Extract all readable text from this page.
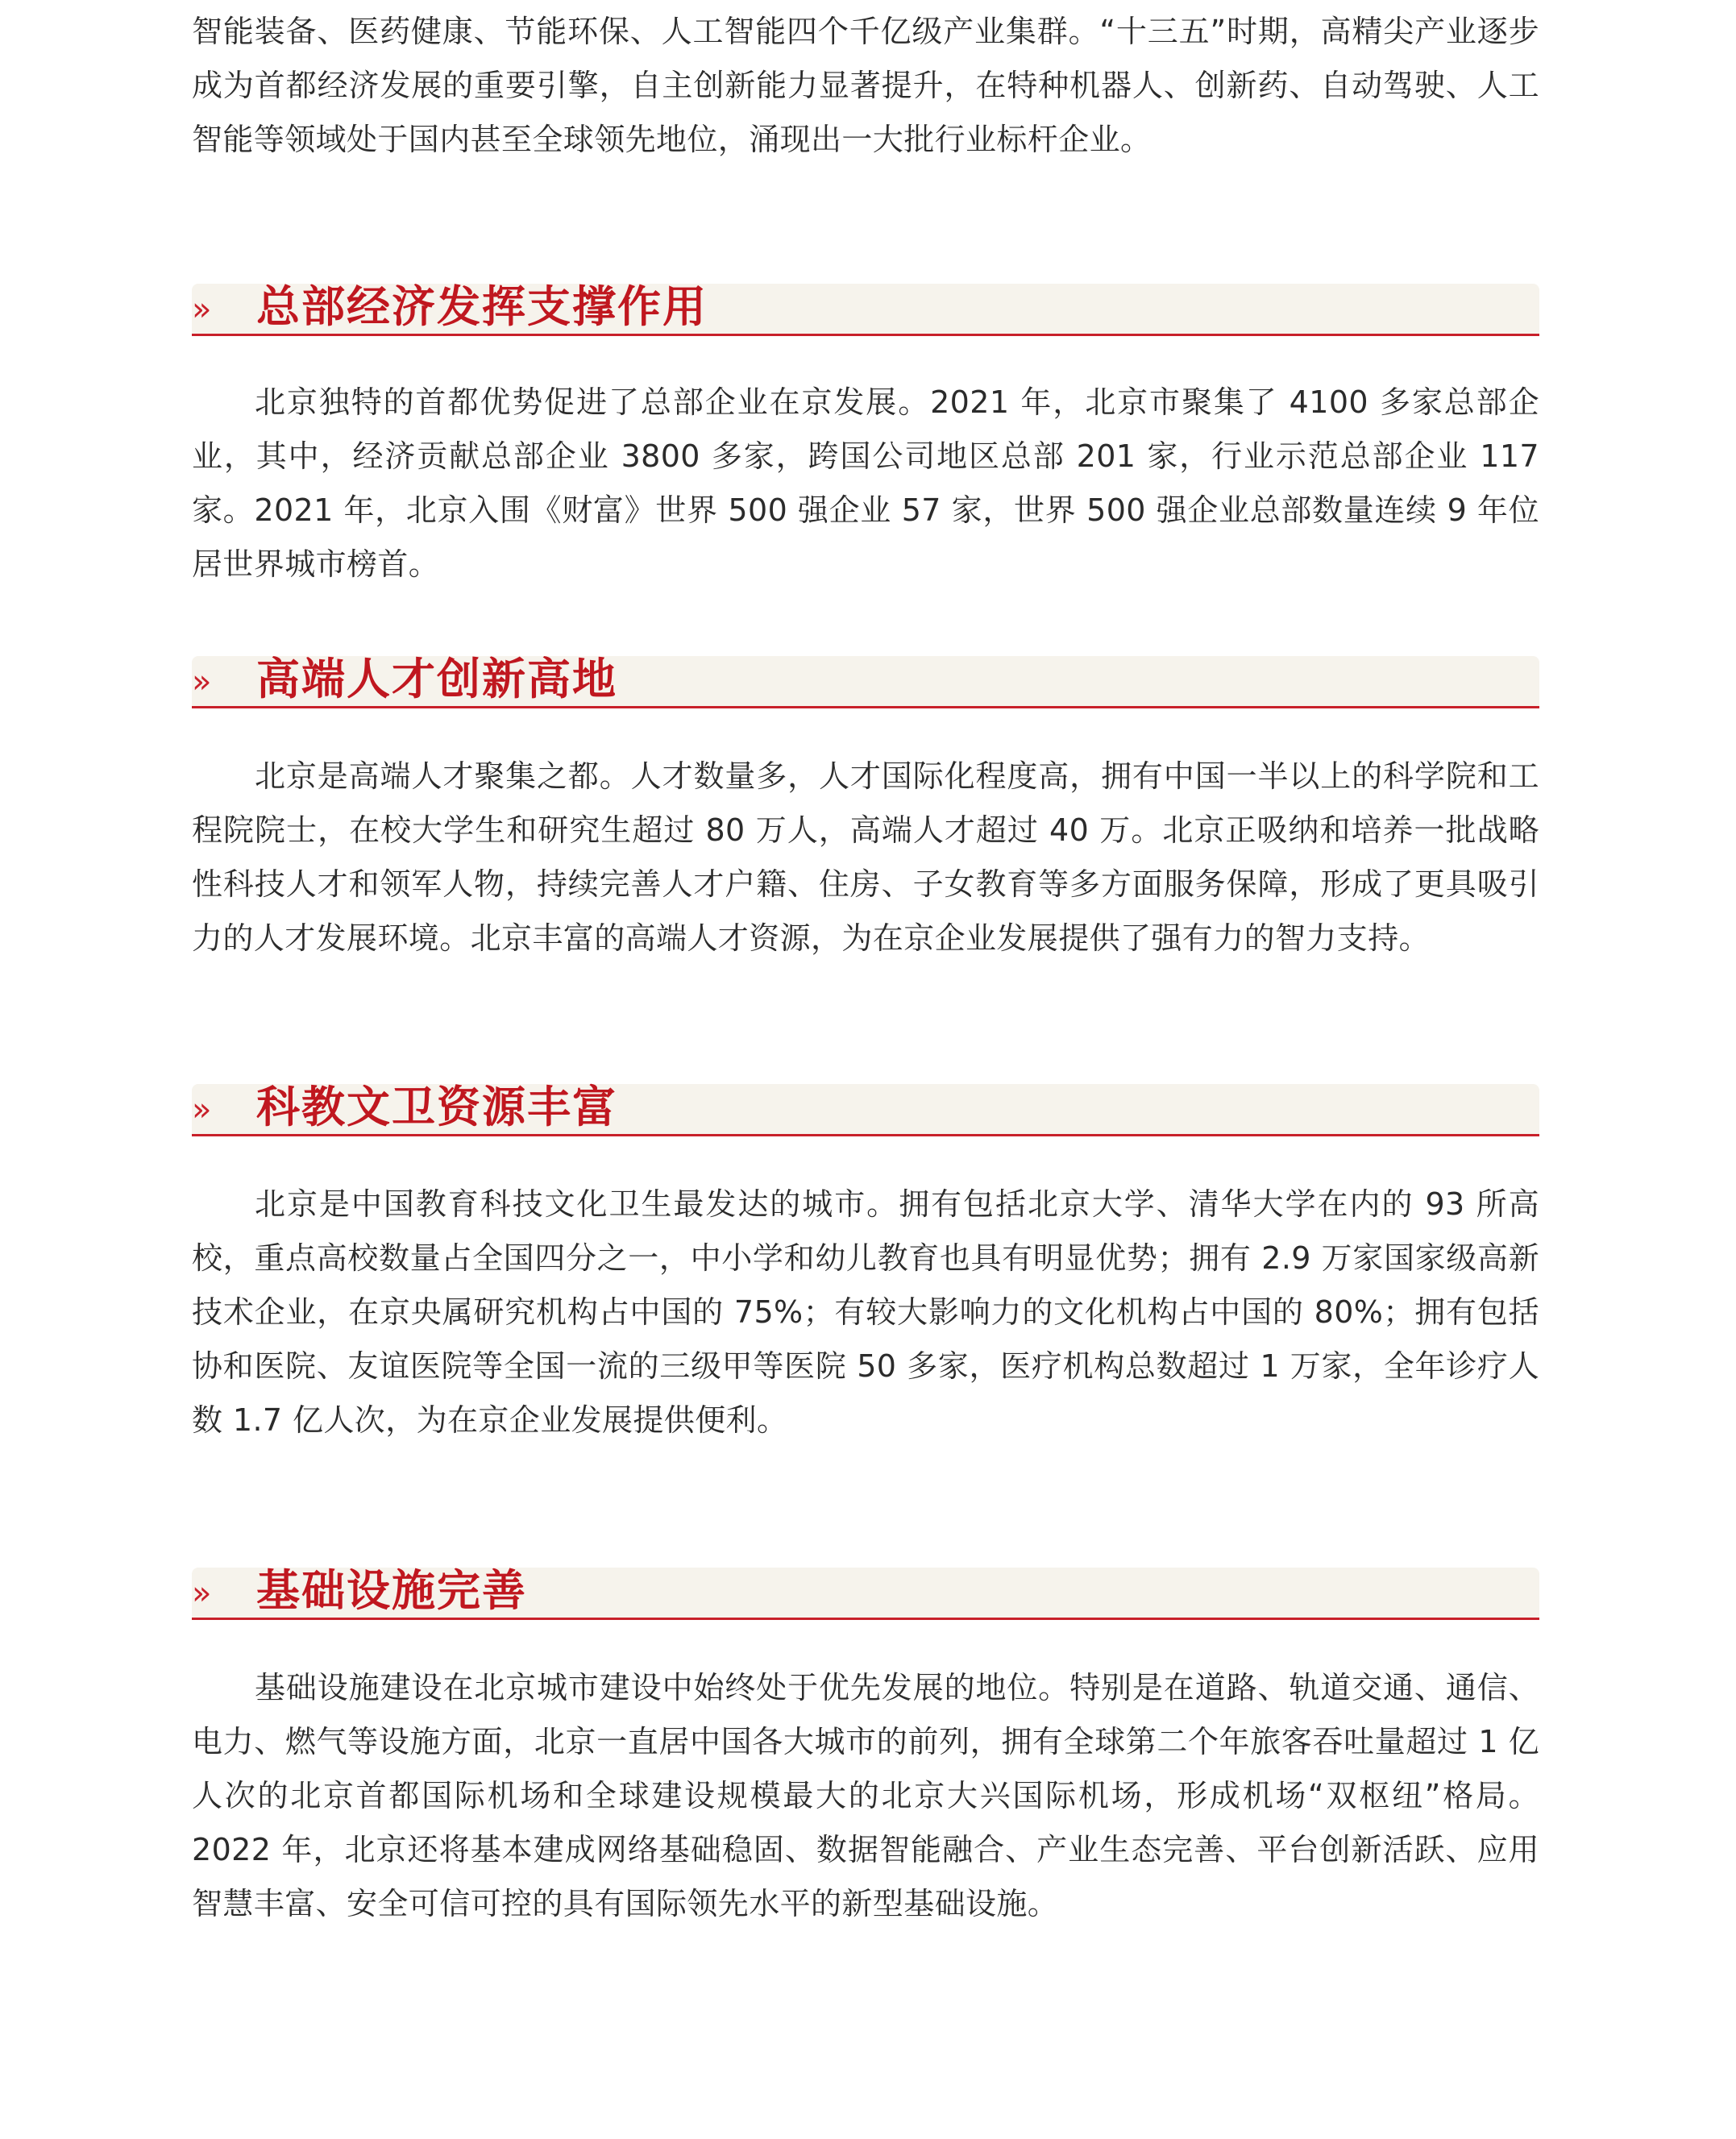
智能装备、医药健康、节能环保、人工智能四个千亿级产业集群。“十三五”时期，高精尖产业逐步成为首都经济发展的重要引擎，自主创新能力显著提升，在特种机器人、创新药、自动驾驶、人工智能等领域处于国内甚至全球领先地位，涌现出一大批行业标杆企业。

» 总部经济发挥支撑作用

北京独特的首都优势促进了总部企业在京发展。2021 年，北京市聚集了 4100 多家总部企业，其中，经济贡献总部企业 3800 多家，跨国公司地区总部 201 家，行业示范总部企业 117 家。2021 年，北京入围《财富》世界 500 强企业 57 家，世界 500 强企业总部数量连续 9 年位居世界城市榜首。

» 高端人才创新高地

北京是高端人才聚集之都。人才数量多，人才国际化程度高，拥有中国一半以上的科学院和工程院院士，在校大学生和研究生超过 80 万人，高端人才超过 40 万。北京正吸纳和培养一批战略性科技人才和领军人物，持续完善人才户籍、住房、子女教育等多方面服务保障，形成了更具吸引力的人才发展环境。北京丰富的高端人才资源，为在京企业发展提供了强有力的智力支持。

» 科教文卫资源丰富

北京是中国教育科技文化卫生最发达的城市。拥有包括北京大学、清华大学在内的 93 所高校，重点高校数量占全国四分之一，中小学和幼儿教育也具有明显优势；拥有 2.9 万家国家级高新技术企业，在京央属研究机构占中国的 75%；有较大影响力的文化机构占中国的 80%；拥有包括协和医院、友谊医院等全国一流的三级甲等医院 50 多家，医疗机构总数超过 1 万家，全年诊疗人数 1.7 亿人次，为在京企业发展提供便利。

» 基础设施完善

基础设施建设在北京城市建设中始终处于优先发展的地位。特别是在道路、轨道交通、通信、电力、燃气等设施方面，北京一直居中国各大城市的前列，拥有全球第二个年旅客吞吐量超过 1 亿人次的北京首都国际机场和全球建设规模最大的北京大兴国际机场，形成机场“双枢纽”格局。2022 年，北京还将基本建成网络基础稳固、数据智能融合、产业生态完善、平台创新活跃、应用智慧丰富、安全可信可控的具有国际领先水平的新型基础设施。
